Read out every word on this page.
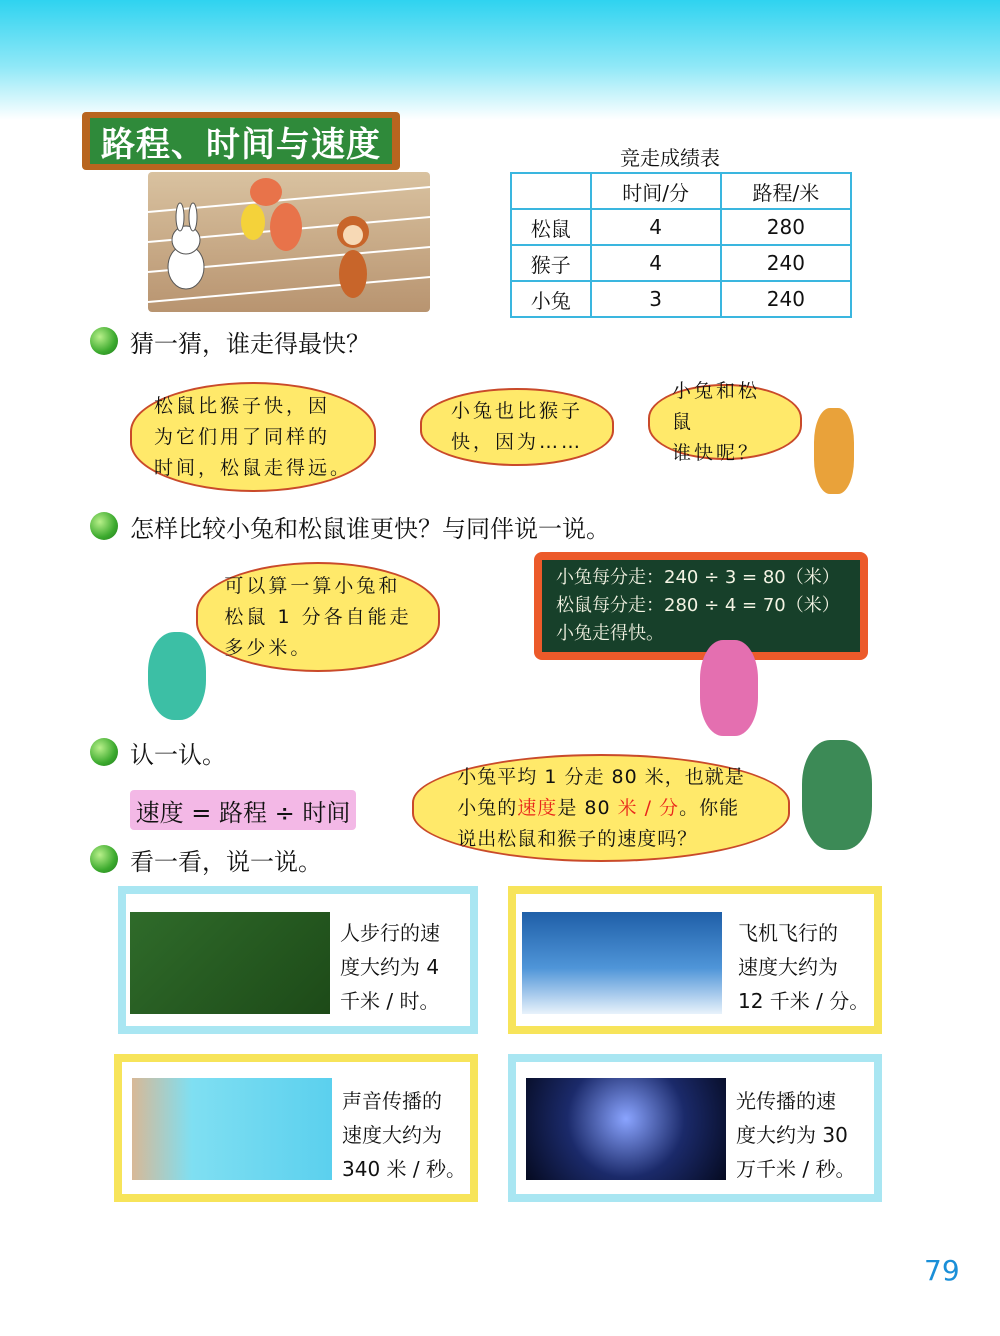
路程、时间与速度	竞走成绩表
	时间/分	路程/米
松鼠	4	280
猴子	4	240
小兔	3	240
猜一猜，谁走得最快？
松鼠比猴子快，因
为它们用了同样的
时间，松鼠走得远。
小兔也比猴子
快，因为……
小兔和松鼠
谁快呢？
怎样比较小兔和松鼠谁更快？与同伴说一说。
可以算一算小兔和
松鼠 1 分各自能走
多少米。
小兔每分走：240 ÷ 3 = 80（米）
松鼠每分走：280 ÷ 4 = 70（米）
小兔走得快。
认一认。
速度 = 路程 ÷ 时间
小兔平均 1 分走 80 米，也就是
小兔的速度是 80 米 / 分。你能
说出松鼠和猴子的速度吗？
看一看，说一说。
人步行的速
度大约为 4
千米 / 时。
飞机飞行的
速度大约为
12 千米 / 分。
声音传播的
速度大约为
340 米 / 秒。
光传播的速
度大约为 30
万千米 / 秒。
79
